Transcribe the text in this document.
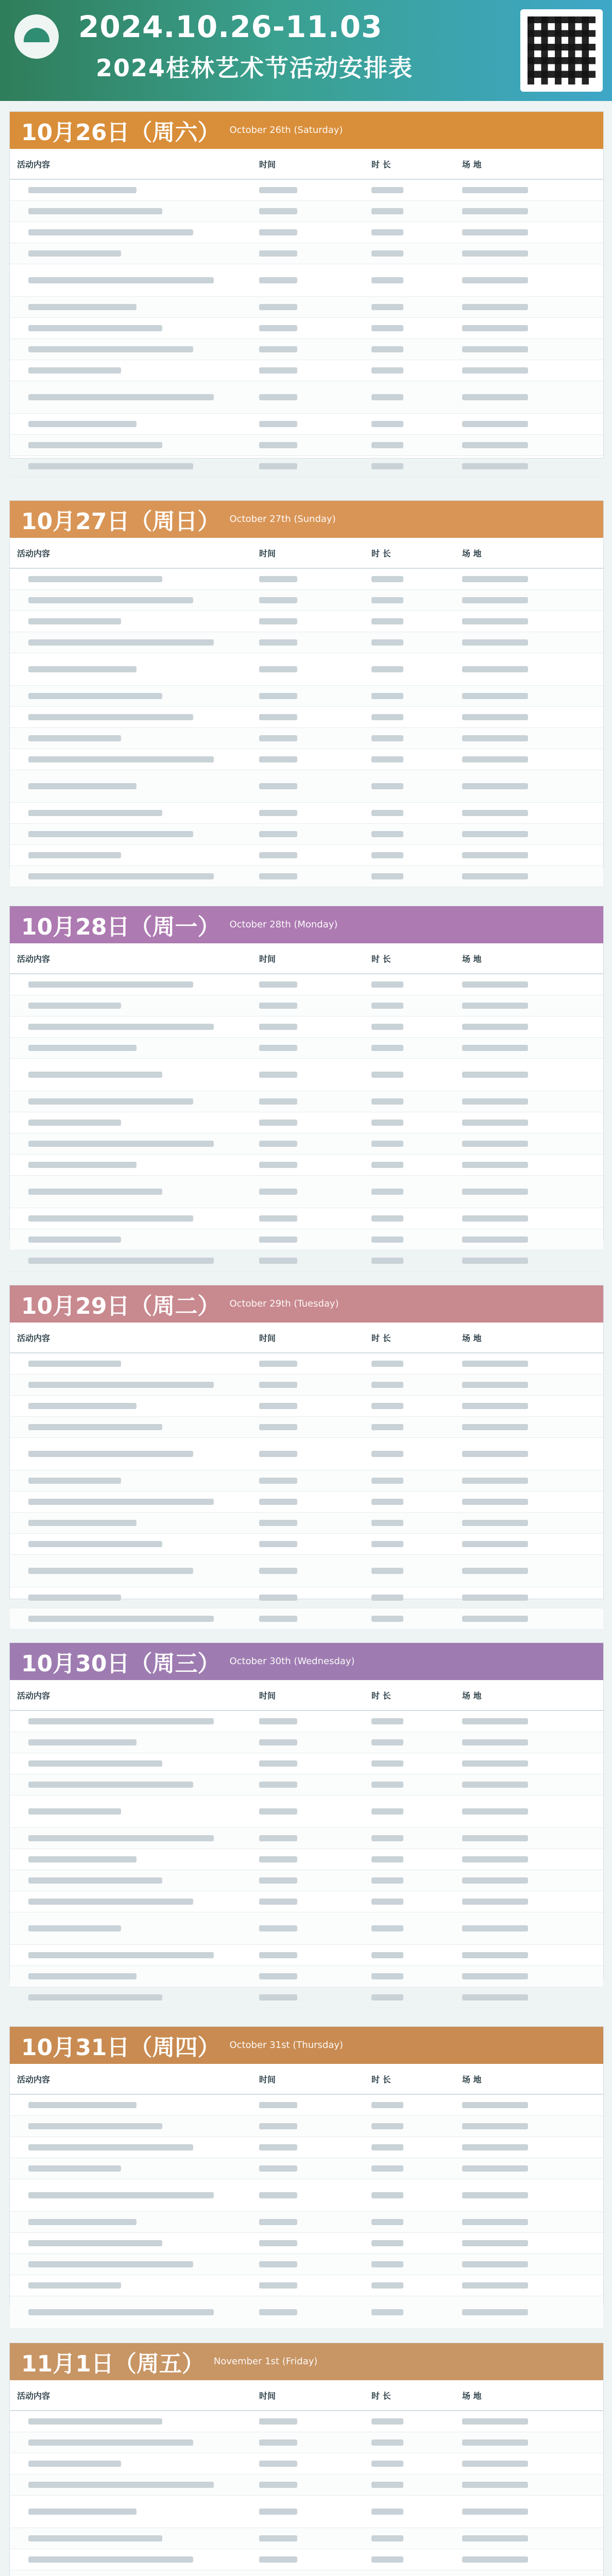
2024.10.26-11.03
2024桂林艺术节活动安排表
10月26日（周六） October 26th (Saturday)
活动内容	时间	时 长	场 地
10月27日（周日） October 27th (Sunday)
活动内容	时间	时 长	场 地
10月28日（周一） October 28th (Monday)
活动内容	时间	时 长	场 地
10月29日（周二） October 29th (Tuesday)
活动内容	时间	时 长	场 地
10月30日（周三） October 30th (Wednesday)
活动内容	时间	时 长	场 地
10月31日（周四） October 31st (Thursday)
活动内容	时间	时 长	场 地
11月1日（周五） November 1st (Friday)
活动内容	时间	时 长	场 地
